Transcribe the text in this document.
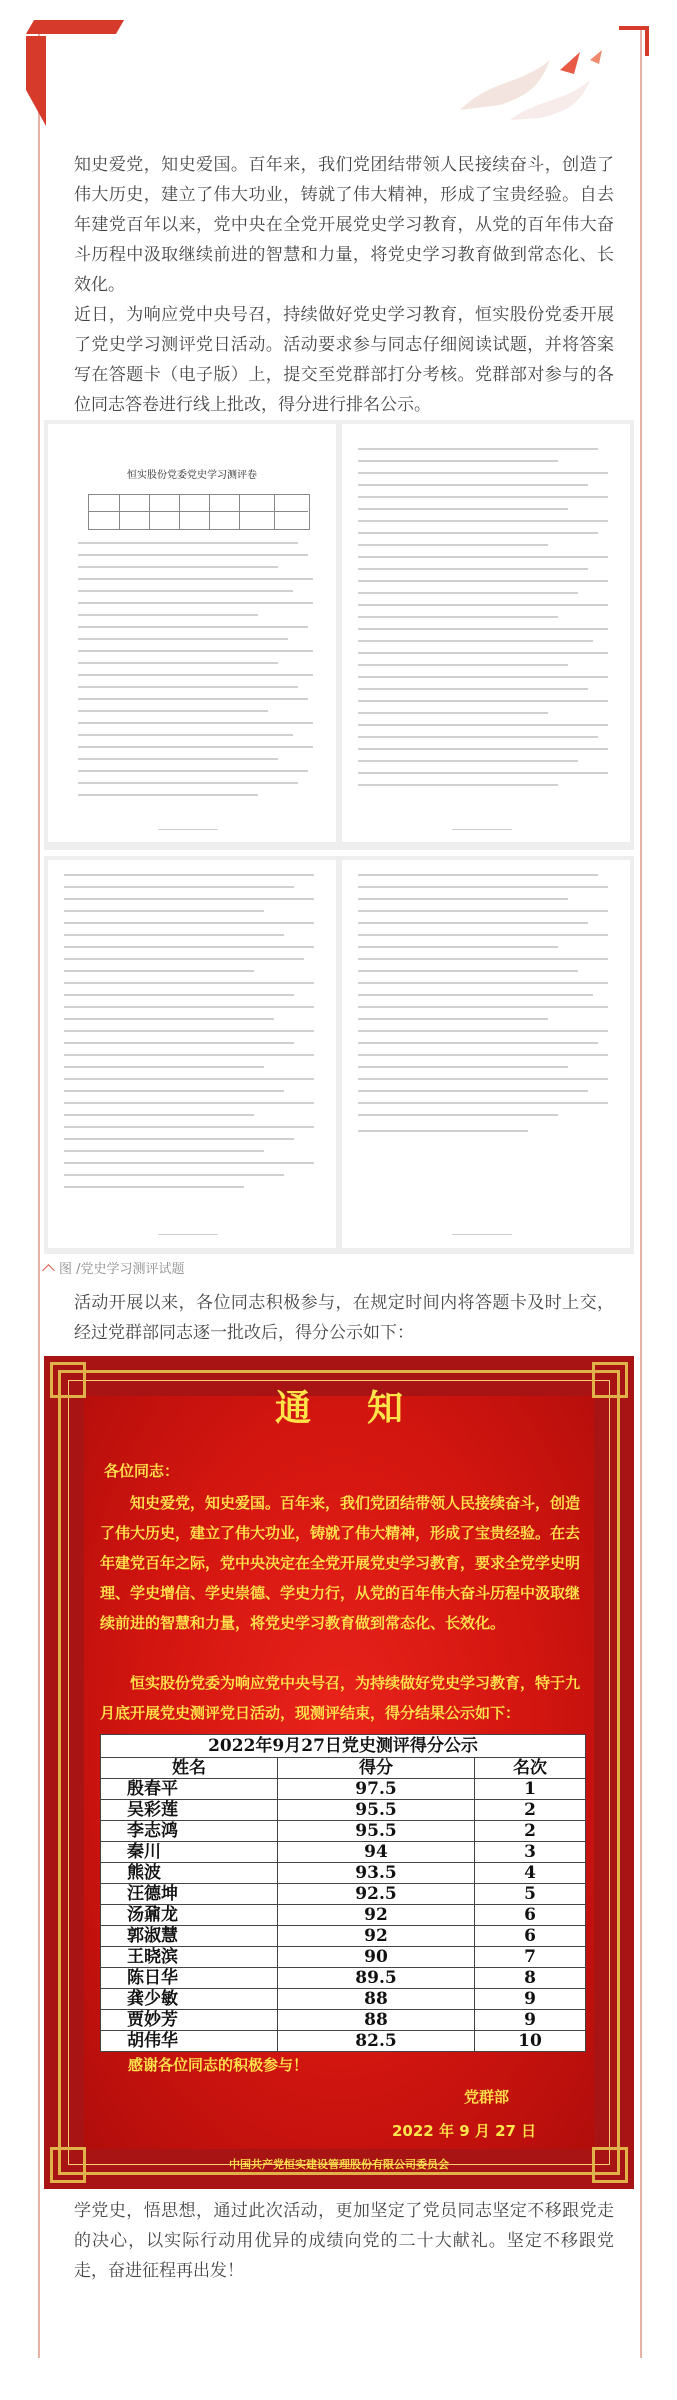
知史爱党，知史爱国。百年来，我们党团结带领人民接续奋斗，创造了伟大历史，建立了伟大功业，铸就了伟大精神，形成了宝贵经验。自去年建党百年以来，党中央在全党开展党史学习教育，从党的百年伟大奋斗历程中汲取继续前进的智慧和力量，将党史学习教育做到常态化、长效化。

近日，为响应党中央号召，持续做好党史学习教育，恒实股份党委开展了党史学习测评党日活动。活动要求参与同志仔细阅读试题，并将答案写在答题卡（电子版）上，提交至党群部打分考核。党群部对参与的各位同志答卷进行线上批改，得分进行排名公示。

恒实股份党委党史学习测评卷
图 /党史学习测评试题

活动开展以来，各位同志积极参与，在规定时间内将答题卡及时上交，经过党群部同志逐一批改后，得分公示如下：

通知

各位同志：

知史爱党，知史爱国。百年来，我们党团结带领人民接续奋斗，创造了伟大历史，建立了伟大功业，铸就了伟大精神，形成了宝贵经验。在去年建党百年之际，党中央决定在全党开展党史学习教育，要求全党学史明理、学史增信、学史崇德、学史力行，从党的百年伟大奋斗历程中汲取继续前进的智慧和力量，将党史学习教育做到常态化、长效化。

恒实股份党委为响应党中央号召，为持续做好党史学习教育，特于九月底开展党史测评党日活动，现测评结束，得分结果公示如下：

2022年9月27日党史测评得分公示		
姓名	得分	名次
殷春平	97.5	1
吴彩莲	95.5	2
李志鸿	95.5	2
秦川	94	3
熊波	93.5	4
汪德坤	92.5	5
汤鼐龙	92	6
郭淑慧	92	6
王晓滨	90	7
陈日华	89.5	8
龚少敏	88	9
贾妙芳	88	9
胡伟华	82.5	10

感谢各位同志的积极参与！

党群部

2022 年 9 月 27 日

中国共产党恒实建设管理股份有限公司委员会

学党史，悟思想，通过此次活动，更加坚定了党员同志坚定不移跟党走的决心，以实际行动用优异的成绩向党的二十大献礼。坚定不移跟党走，奋进征程再出发！
